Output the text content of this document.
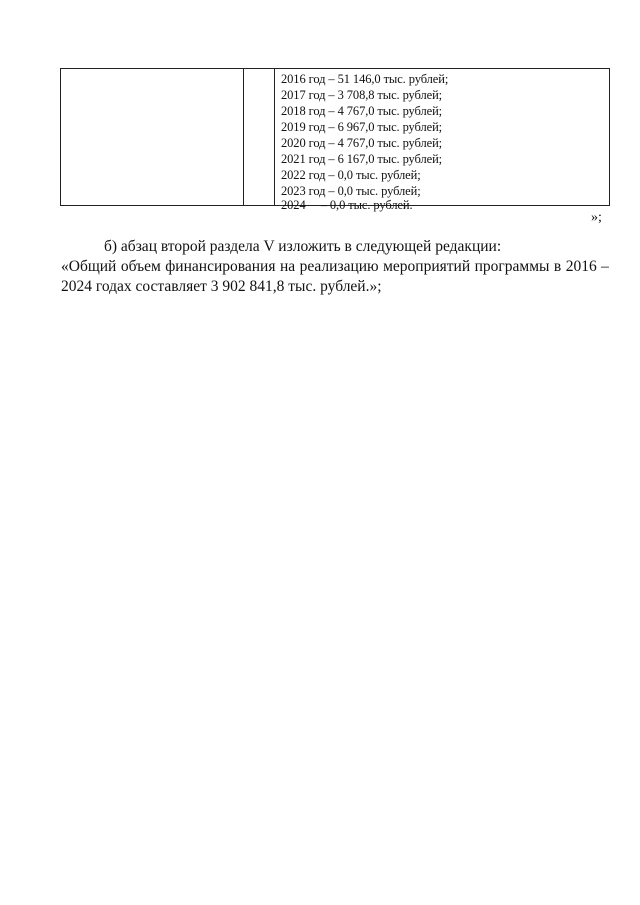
2016 год – 51 146,0 тыс. рублей;
2017 год – 3 708,8 тыс. рублей;
2018 год – 4 767,0 тыс. рублей;
2019 год – 6 967,0 тыс. рублей;
2020 год – 4 767,0 тыс. рублей;
2021 год – 6 167,0 тыс. рублей;
2022 год – 0,0 тыс. рублей;
2023 год – 0,0 тыс. рублей;
2024     – 0,0 тыс. рублей.
»;
б) абзац второй раздела V изложить в следующей редакции:
«Общий объем финансирования на реализацию мероприятий программы в 2016 –
2024 годах составляет 3 902 841,8 тыс. рублей.»;
